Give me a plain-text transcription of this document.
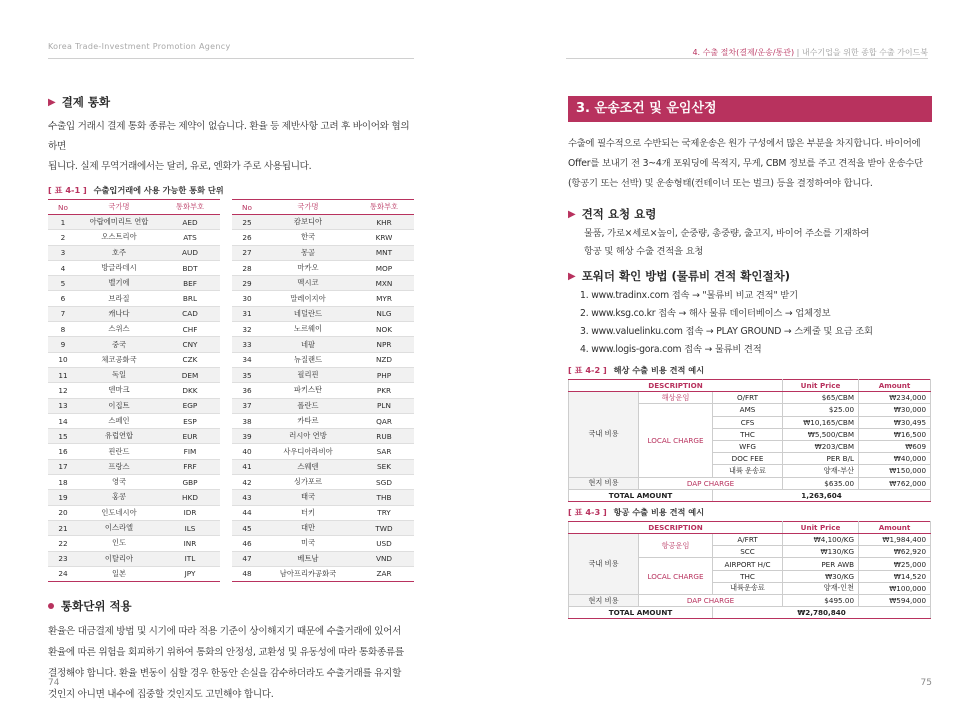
Korea Trade-Investment Promotion Agency
4. 수출 절차(결제/운송/통관) | 내수기업을 위한 종합 수출 가이드북
▶ 결제 통화
수출입 거래시 결제 통화 종류는 제약이 없습니다. 환율 등 제반사항 고려 후 바이어와 협의하면
됩니다. 실제 무역거래에서는 달러, 유로, 엔화가 주로 사용됩니다.
[ 표 4-1 ] 수출입거래에 사용 가능한 통화 단위
No	국가명	통화부호
1	아랍에미리트 연합	AED
2	오스트리아	ATS
3	호주	AUD
4	방글라데시	BDT
5	벨기에	BEF
6	브라질	BRL
7	캐나다	CAD
8	스위스	CHF
9	중국	CNY
10	체코공화국	CZK
11	독일	DEM
12	덴마크	DKK
13	이집트	EGP
14	스페인	ESP
15	유럽연합	EUR
16	핀란드	FIM
17	프랑스	FRF
18	영국	GBP
19	홍콩	HKD
20	인도네시아	IDR
21	이스라엘	ILS
22	인도	INR
23	이탈리아	ITL
24	일본	JPY
No	국가명	통화부호
25	캄보디아	KHR
26	한국	KRW
27	몽골	MNT
28	마카오	MOP
29	멕시코	MXN
30	말레이지아	MYR
31	네덜란드	NLG
32	노르웨이	NOK
33	네팔	NPR
34	뉴질랜드	NZD
35	필리핀	PHP
36	파키스탄	PKR
37	폴란드	PLN
38	카타르	QAR
39	러시아 연방	RUB
40	사우디아라비아	SAR
41	스웨덴	SEK
42	싱가포르	SGD
43	태국	THB
44	터키	TRY
45	대만	TWD
46	미국	USD
47	베트남	VND
48	남아프리카공화국	ZAR
통화단위 적용
환율은 대금결제 방법 및 시기에 따라 적용 기준이 상이해지기 때문에 수출거래에 있어서
환율에 따른 위험을 회피하기 위하여 통화의 안정성, 교환성 및 유동성에 따라 통화종류를
결정해야 합니다. 환율 변동이 심할 경우 한동안 손실을 감수하더라도 수출거래를 유지할
것인지 아니면 내수에 집중할 것인지도 고민해야 합니다.
74
3. 운송조건 및 운임산정
수출에 필수적으로 수반되는 국제운송은 원가 구성에서 많은 부분을 차지합니다. 바이어에
Offer를 보내기 전 3~4개 포워딩에 목적지, 무게, CBM 정보를 주고 견적을 받아 운송수단
(항공기 또는 선박) 및 운송형태(컨테이너 또는 벌크) 등을 결정하여야 합니다.
▶ 견적 요청 요령
물품, 가로×세로×높이, 순중량, 총중량, 출고지, 바이어 주소를 기재하여
항공 및 해상 수출 견적을 요청
▶ 포워더 확인 방법 (물류비 견적 확인절차)
1. www.tradinx.com 접속 → "물류비 비교 견적" 받기
2. www.ksg.co.kr 접속 → 해사 물류 데이터베이스 → 업체정보
3. www.valuelinku.com 접속 → PLAY GROUND → 스케줄 및 요금 조회
4. www.logis-gora.com 접속 → 물류비 견적
[ 표 4-2 ] 해상 수출 비용 견적 예시
DESCRIPTION			Unit Price	Amount
국내 비용	해상운임	O/FRT	$65/CBM	₩234,000
	LOCAL CHARGE	AMS	$25.00	₩30,000
		CFS	₩10,165/CBM	₩30,495
		THC	₩5,500/CBM	₩16,500
		WFG	₩203/CBM	₩609
		DOC FEE	PER B/L	₩40,000
		내륙 운송료	양재-부산	₩150,000
현지 비용	DAP CHARGE		$635.00	₩762,000
TOTAL AMOUNT		1,263,604		
[ 표 4-3 ] 항공 수출 비용 견적 예시
DESCRIPTION			Unit Price	Amount
국내 비용	항공운임	A/FRT	₩4,100/KG	₩1,984,400
		SCC	₩130/KG	₩62,920
	LOCAL CHARGE	AIRPORT H/C	PER AWB	₩25,000
		THC	₩30/KG	₩14,520
		내륙운송료	양재-인천	₩100,000
현지 비용	DAP CHARGE		$495.00	₩594,000
TOTAL AMOUNT		₩2,780,840		
75
